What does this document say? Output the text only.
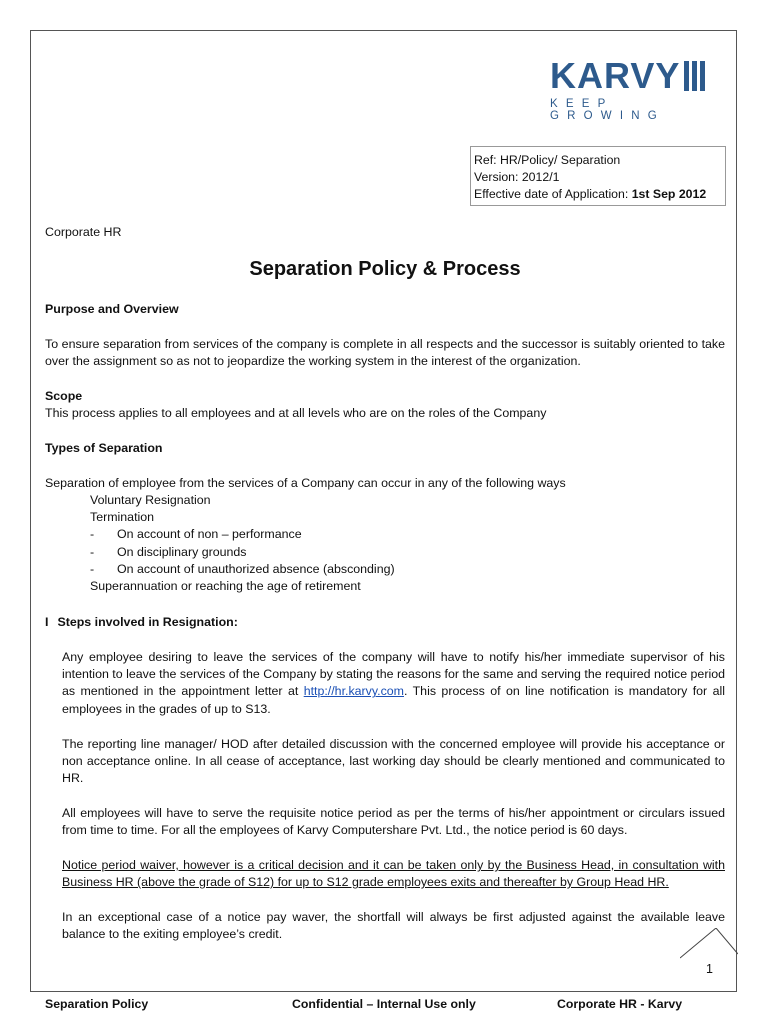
KARVY
KEEP GROWING
Ref: HR/Policy/ Separation
Version: 2012/1
Effective date of Application: 1st Sep 2012
Corporate HR
Separation Policy & Process
Purpose and Overview
To ensure separation from services of the company is complete in all respects and the successor is suitably oriented to take over the assignment so as not to jeopardize the working system in the interest of the organization.
Scope
This process applies to all employees and at all levels who are on the roles of the Company
Types of Separation
Separation of employee from the services of a Company can occur in any of the following ways
Voluntary Resignation
Termination
-	On account of non – performance
-	On disciplinary grounds
-	On account of unauthorized absence (absconding)
Superannuation or reaching the age of retirement
I Steps involved in Resignation:
Any employee desiring to leave the services of the company will have to notify his/her immediate supervisor of his intention to leave the services of the Company by stating the reasons for the same and serving the required notice period as mentioned in the appointment letter at http://hr.karvy.com. This process of on line notification is mandatory for all employees in the grades of up to S13.
The reporting line manager/ HOD after detailed discussion with the concerned employee will provide his acceptance or non acceptance online. In all cease of acceptance, last working day should be clearly mentioned and communicated to HR.
All employees will have to serve the requisite notice period as per the terms of his/her appointment or circulars issued from time to time. For all the employees of Karvy Computershare Pvt. Ltd., the notice period is 60 days.
Notice period waiver, however is a critical decision and it can be taken only by the Business Head, in consultation with Business HR (above the grade of S12) for up to S12 grade employees exits and thereafter by Group Head HR.
In an exceptional case of a notice pay waver, the shortfall will always be first adjusted against the available leave balance to the exiting employee’s credit.
1
Separation Policy	Confidential – Internal Use only	Corporate HR - Karvy
